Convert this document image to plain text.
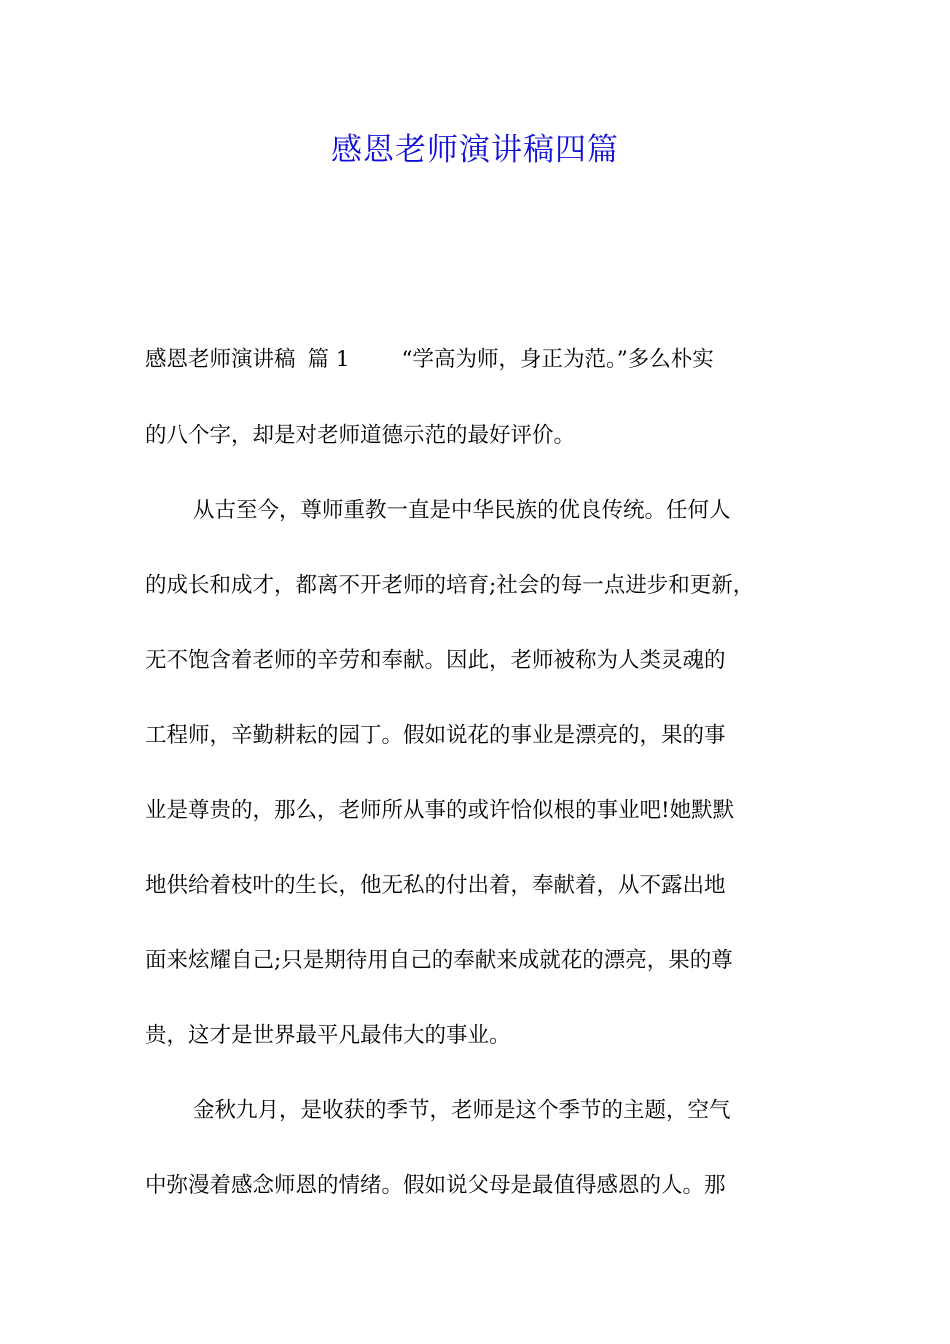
感恩老师演讲稿四篇
感恩老师演讲稿 篇 1 “学高为师，身正为范。”多么朴实
的八个字，却是对老师道德示范的最好评价。
从古至今，尊师重教一直是中华民族的优良传统。任何人
的成长和成才，都离不开老师的培育;社会的每一点进步和更新，
无不饱含着老师的辛劳和奉献。因此，老师被称为人类灵魂的
工程师，辛勤耕耘的园丁。假如说花的事业是漂亮的，果的事
业是尊贵的，那么，老师所从事的或许恰似根的事业吧!她默默
地供给着枝叶的生长，他无私的付出着，奉献着，从不露出地
面来炫耀自己;只是期待用自己的奉献来成就花的漂亮，果的尊
贵，这才是世界最平凡最伟大的事业。
金秋九月，是收获的季节，老师是这个季节的主题，空气
中弥漫着感念师恩的情绪。假如说父母是最值得感恩的人。那
